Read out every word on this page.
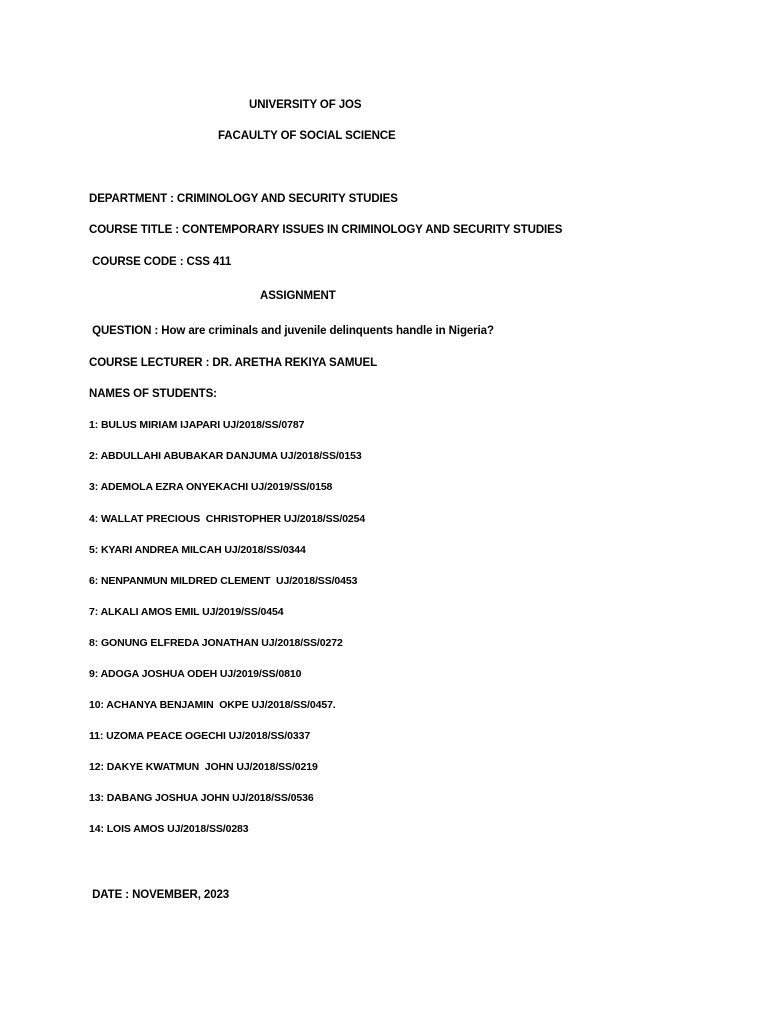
UNIVERSITY OF JOS
FACAULTY OF SOCIAL SCIENCE
DEPARTMENT : CRIMINOLOGY AND SECURITY STUDIES
COURSE TITLE : CONTEMPORARY ISSUES IN CRIMINOLOGY AND SECURITY STUDIES
COURSE CODE : CSS 411
ASSIGNMENT
QUESTION : How are criminals and juvenile delinquents handle in Nigeria?
COURSE LECTURER : DR. ARETHA REKIYA SAMUEL
NAMES OF STUDENTS:
1: BULUS MIRIAM IJAPARI UJ/2018/SS/0787
2: ABDULLAHI ABUBAKAR DANJUMA UJ/2018/SS/0153
3: ADEMOLA EZRA ONYEKACHI UJ/2019/SS/0158
4: WALLAT PRECIOUS  CHRISTOPHER UJ/2018/SS/0254
5: KYARI ANDREA MILCAH UJ/2018/SS/0344
6: NENPANMUN MILDRED CLEMENT  UJ/2018/SS/0453
7: ALKALI AMOS EMIL UJ/2019/SS/0454
8: GONUNG ELFREDA JONATHAN UJ/2018/SS/0272
9: ADOGA JOSHUA ODEH UJ/2019/SS/0810
10: ACHANYA BENJAMIN  OKPE UJ/2018/SS/0457.
11: UZOMA PEACE OGECHI UJ/2018/SS/0337
12: DAKYE KWATMUN  JOHN UJ/2018/SS/0219
13: DABANG JOSHUA JOHN UJ/2018/SS/0536
14: LOIS AMOS UJ/2018/SS/0283
DATE : NOVEMBER, 2023
